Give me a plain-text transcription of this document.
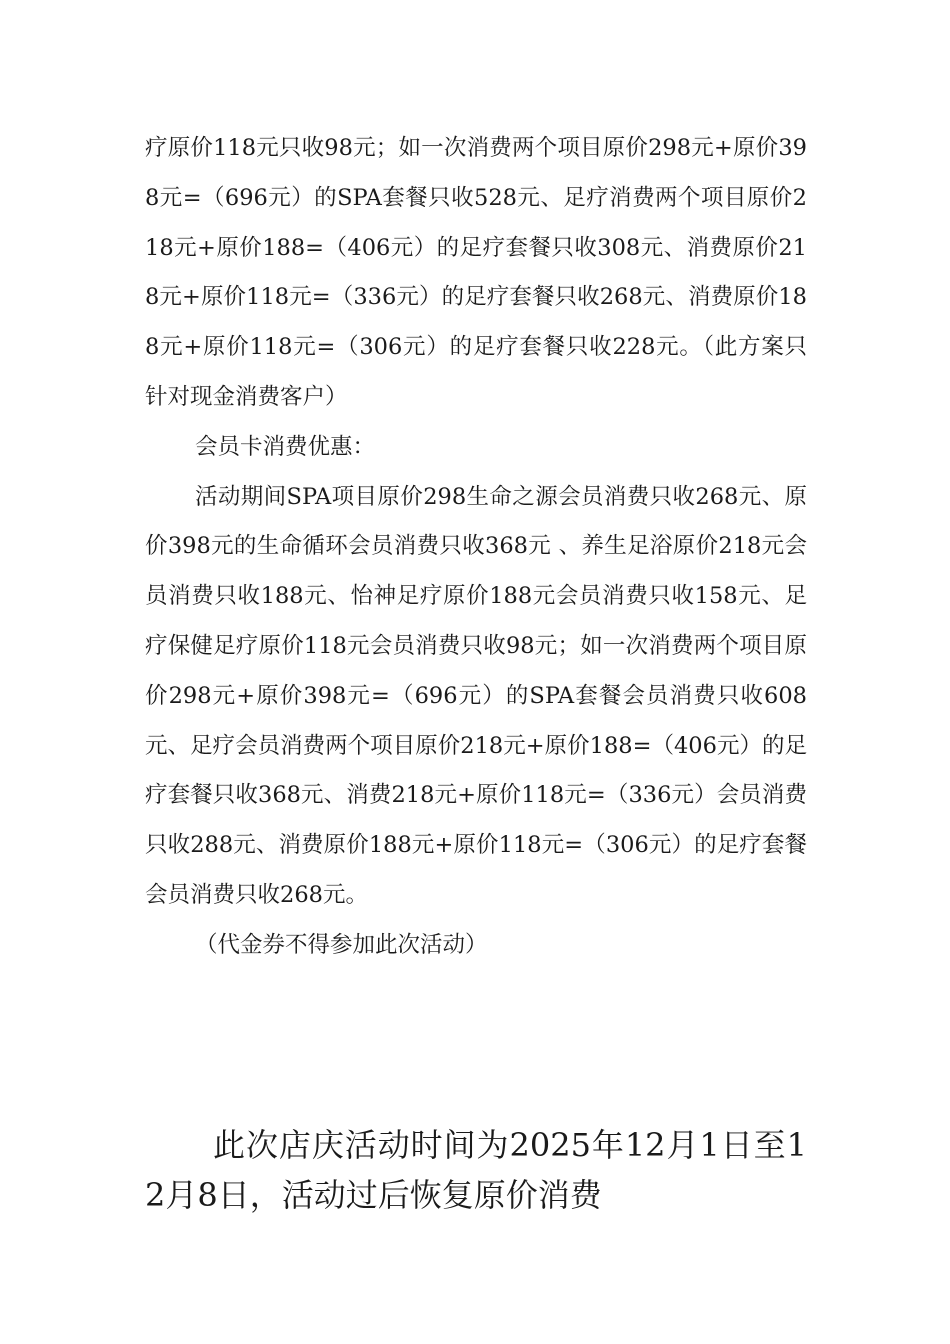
疗原价118元只收98元；如一次消费两个项目原价298元+原价398元=（696元）的SPA套餐只收528元、足疗消费两个项目原价218元+原价188=（406元）的足疗套餐只收308元、消费原价218元+原价118元=（336元）的足疗套餐只收268元、消费原价188元+原价118元=（306元）的足疗套餐只收228元。（此方案只针对现金消费客户）

会员卡消费优惠：

活动期间SPA项目原价298生命之源会员消费只收268元、原价398元的生命循环会员消费只收368元 、养生足浴原价218元会员消费只收188元、怡神足疗原价188元会员消费只收158元、足疗保健足疗原价118元会员消费只收98元；如一次消费两个项目原价298元+原价398元=（696元）的SPA套餐会员消费只收608元、足疗会员消费两个项目原价218元+原价188=（406元）的足疗套餐只收368元、消费218元+原价118元=（336元）会员消费只收288元、消费原价188元+原价118元=（306元）的足疗套餐会员消费只收268元。

（代金券不得参加此次活动）

此次店庆活动时间为2025年12月1日至12月8日，活动过后恢复原价消费
